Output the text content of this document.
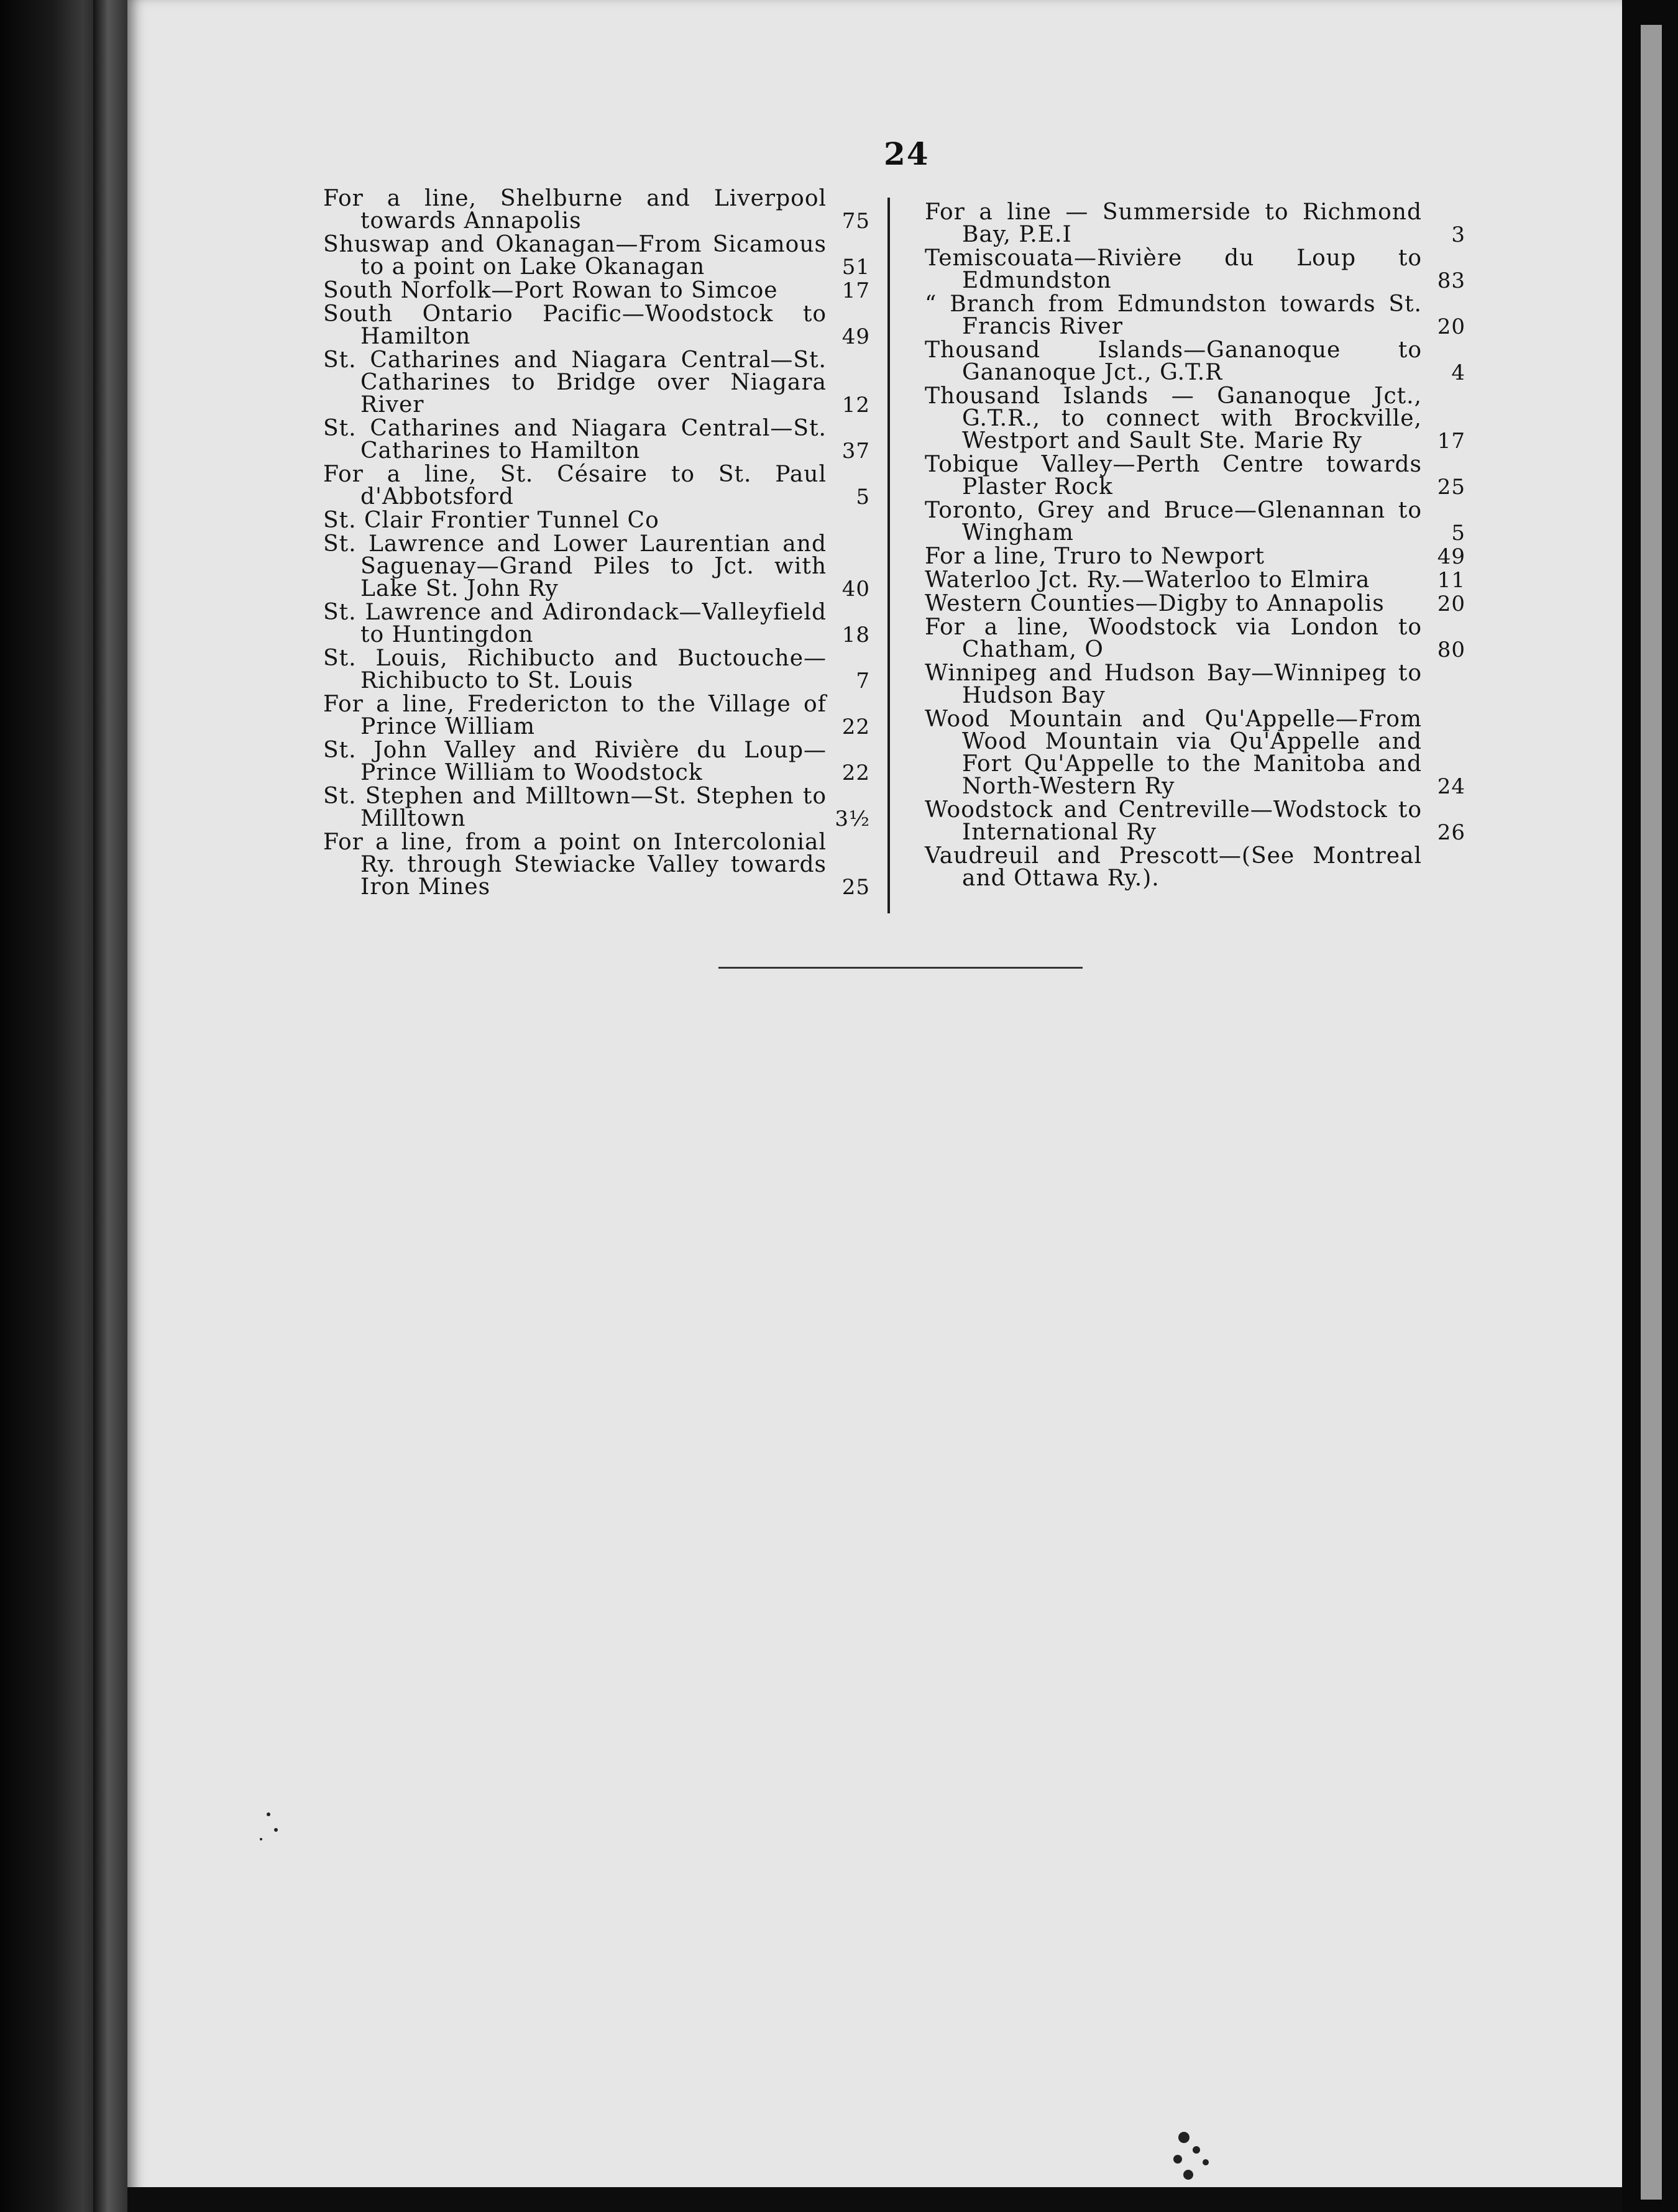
24
For a line, Shelburne and Liverpool towards Annapolis	75
Shuswap and Okanagan—From Sicamous to a point on Lake Okanagan	51
South Norfolk—Port Rowan to Simcoe	17
South Ontario Pacific—Woodstock to Hamilton	49
St. Catharines and Niagara Central—St. Catharines to Bridge over Niagara River	12
St. Catharines and Niagara Central—St. Catharines to Hamilton	37
For a line, St. Césaire to St. Paul d'Abbotsford	5
St. Clair Frontier Tunnel Co
St. Lawrence and Lower Laurentian and Saguenay—Grand Piles to Jct. with Lake St. John Ry	40
St. Lawrence and Adirondack—Valleyfield to Huntingdon	18
St. Louis, Richibucto and Buctouche—Richibucto to St. Louis	7
For a line, Fredericton to the Village of Prince William	22
St. John Valley and Rivière du Loup—Prince William to Woodstock	22
St. Stephen and Milltown—St. Stephen to Milltown	3½
For a line, from a point on Intercolonial Ry. through Stewiacke Valley towards Iron Mines	25
For a line — Summerside to Richmond Bay, P.E.I	3
Temiscouata—Rivière du Loup to Edmundston	83
“ Branch from Edmundston towards St. Francis River	20
Thousand Islands—Gananoque to Gananoque Jct., G.T.R	4
Thousand Islands — Gananoque Jct., G.T.R., to connect with Brockville, Westport and Sault Ste. Marie Ry	17
Tobique Valley—Perth Centre towards Plaster Rock	25
Toronto, Grey and Bruce—Glenannan to Wingham	5
For a line, Truro to Newport	49
Waterloo Jct. Ry.—Waterloo to Elmira	11
Western Counties—Digby to Annapolis	20
For a line, Woodstock via London to Chatham, O	80
Winnipeg and Hudson Bay—Winnipeg to Hudson Bay
Wood Mountain and Qu'Appelle—From Wood Mountain via Qu'Appelle and Fort Qu'Appelle to the Manitoba and North-Western Ry	24
Woodstock and Centreville—Wodstock to International Ry	26
Vaudreuil and Prescott—(See Montreal and Ottawa Ry.).
